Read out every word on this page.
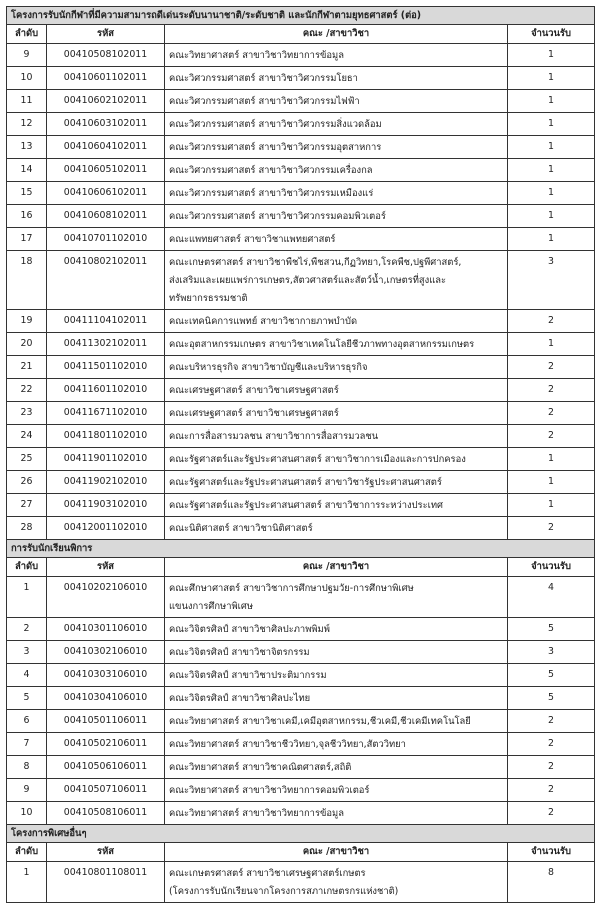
โครงการรับนักกีฬาที่มีความสามารถดีเด่นระดับนานาชาติ/ระดับชาติ และนักกีฬาตามยุทธศาสตร์ (ต่อ)			
ลำดับ	รหัส	คณะ /สาขาวิชา	จำนวนรับ
9	00410508102011	คณะวิทยาศาสตร์ สาขาวิชาวิทยาการข้อมูล	1
10	00410601102011	คณะวิศวกรรมศาสตร์ สาขาวิชาวิศวกรรมโยธา	1
11	00410602102011	คณะวิศวกรรมศาสตร์ สาขาวิชาวิศวกรรมไฟฟ้า	1
12	00410603102011	คณะวิศวกรรมศาสตร์ สาขาวิชาวิศวกรรมสิ่งแวดล้อม	1
13	00410604102011	คณะวิศวกรรมศาสตร์ สาขาวิชาวิศวกรรมอุตสาหการ	1
14	00410605102011	คณะวิศวกรรมศาสตร์ สาขาวิชาวิศวกรรมเครื่องกล	1
15	00410606102011	คณะวิศวกรรมศาสตร์ สาขาวิชาวิศวกรรมเหมืองแร่	1
16	00410608102011	คณะวิศวกรรมศาสตร์ สาขาวิชาวิศวกรรมคอมพิวเตอร์	1
17	00410701102010	คณะแพทยศาสตร์ สาขาวิชาแพทยศาสตร์	1
18	00410802102011	คณะเกษตรศาสตร์ สาขาวิชาพืชไร่,พืชสวน,กีฏวิทยา,โรคพืช,ปฐพีศาสตร์,
ส่งเสริมและเผยแพร่การเกษตร,สัตวศาสตร์และสัตว์น้ำ,เกษตรที่สูงและ
ทรัพยากรธรรมชาติ	3
19	00411104102011	คณะเทคนิคการแพทย์ สาขาวิชากายภาพบำบัด	2
20	00411302102011	คณะอุตสาหกรรมเกษตร สาขาวิชาเทคโนโลยีชีวภาพทางอุตสาหกรรมเกษตร	1
21	00411501102010	คณะบริหารธุรกิจ สาขาวิชาบัญชีและบริหารธุรกิจ	2
22	00411601102010	คณะเศรษฐศาสตร์ สาขาวิชาเศรษฐศาสตร์	2
23	00411671102010	คณะเศรษฐศาสตร์ สาขาวิชาเศรษฐศาสตร์	2
24	00411801102010	คณะการสื่อสารมวลชน สาขาวิชาการสื่อสารมวลชน	2
25	00411901102010	คณะรัฐศาสตร์และรัฐประศาสนศาสตร์ สาขาวิชาการเมืองและการปกครอง	1
26	00411902102010	คณะรัฐศาสตร์และรัฐประศาสนศาสตร์ สาขาวิชารัฐประศาสนศาสตร์	1
27	00411903102010	คณะรัฐศาสตร์และรัฐประศาสนศาสตร์ สาขาวิชาการระหว่างประเทศ	1
28	00412001102010	คณะนิติศาสตร์ สาขาวิชานิติศาสตร์	2
การรับนักเรียนพิการ			
ลำดับ	รหัส	คณะ /สาขาวิชา	จำนวนรับ
1	00410202106010	คณะศึกษาศาสตร์ สาขาวิชาการศึกษาปฐมวัย-การศึกษาพิเศษ
แขนงการศึกษาพิเศษ	4
2	00410301106010	คณะวิจิตรศิลป์ สาขาวิชาศิลปะภาพพิมพ์	5
3	00410302106010	คณะวิจิตรศิลป์ สาขาวิชาจิตรกรรม	3
4	00410303106010	คณะวิจิตรศิลป์ สาขาวิชาประติมากรรม	5
5	00410304106010	คณะวิจิตรศิลป์ สาขาวิชาศิลปะไทย	5
6	00410501106011	คณะวิทยาศาสตร์ สาขาวิชาเคมี,เคมีอุตสาหกรรม,ชีวเคมี,ชีวเคมีเทคโนโลยี	2
7	00410502106011	คณะวิทยาศาสตร์ สาขาวิชาชีววิทยา,จุลชีววิทยา,สัตววิทยา	2
8	00410506106011	คณะวิทยาศาสตร์ สาขาวิชาคณิตศาสตร์,สถิติ	2
9	00410507106011	คณะวิทยาศาสตร์ สาขาวิชาวิทยาการคอมพิวเตอร์	2
10	00410508106011	คณะวิทยาศาสตร์ สาขาวิชาวิทยาการข้อมูล	2
โครงการพิเศษอื่นๆ			
ลำดับ	รหัส	คณะ /สาขาวิชา	จำนวนรับ
1	00410801108011	คณะเกษตรศาสตร์ สาขาวิชาเศรษฐศาสตร์เกษตร
(โครงการรับนักเรียนจากโครงการสภาเกษตรกรแห่งชาติ)	8
